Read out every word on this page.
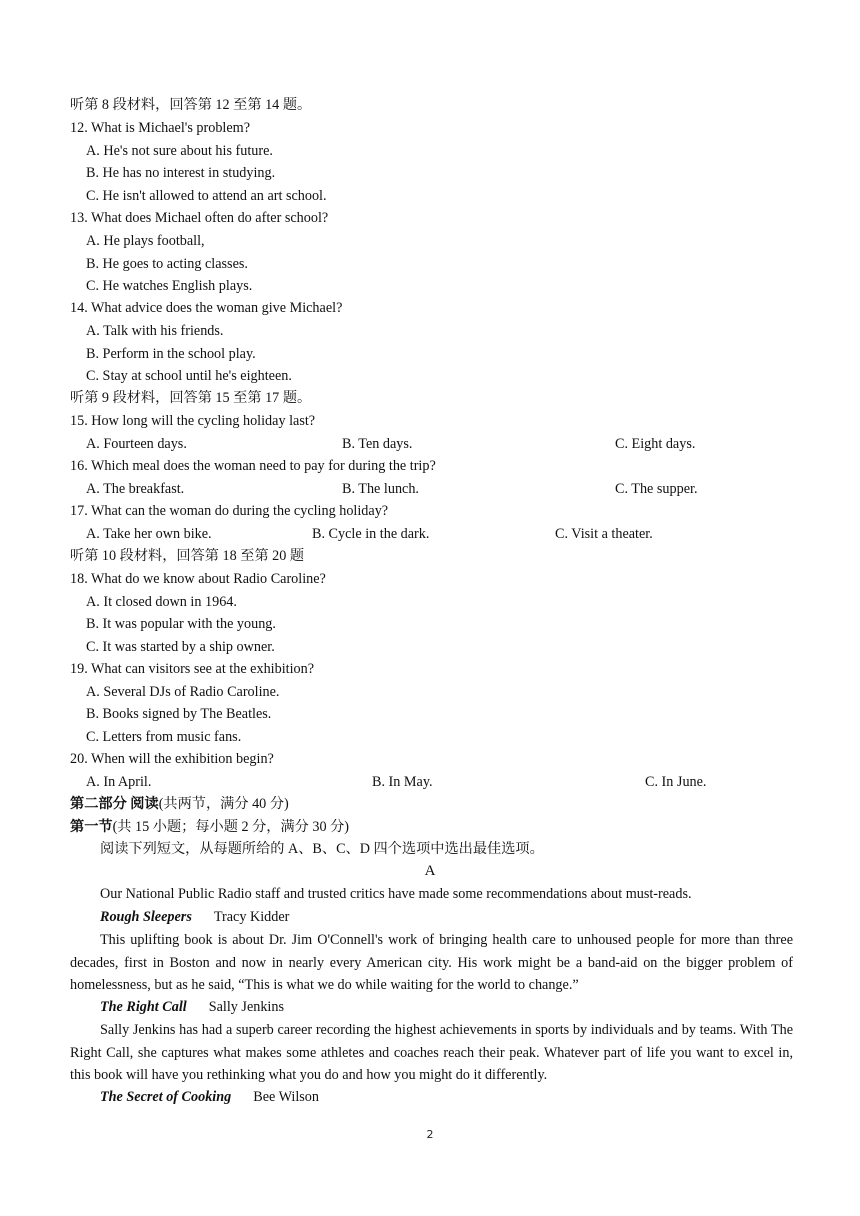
听第 8 段材料，回答第 12 至第 14 题。
12. What is Michael's problem?
A. He's not sure about his future.
B. He has no interest in studying.
C. He isn't allowed to attend an art school.
13. What does Michael often do after school?
A. He plays football,
B. He goes to acting classes.
C. He watches English plays.
14. What advice does the woman give Michael?
A. Talk with his friends.
B. Perform in the school play.
C. Stay at school until he's eighteen.
听第 9 段材料，回答第 15 至第 17 题。
15. How long will the cycling holiday last?
A. Fourteen days.	B. Ten days.	C. Eight days.
16. Which meal does the woman need to pay for during the trip?
A. The breakfast.	B. The lunch.	C. The supper.
17. What can the woman do during the cycling holiday?
A. Take her own bike.	B. Cycle in the dark.	C. Visit a theater.
听第 10 段材料，回答第 18 至第 20 题
18. What do we know about Radio Caroline?
A. It closed down in 1964.
B. It was popular with the young.
C. It was started by a ship owner.
19. What can visitors see at the exhibition?
A. Several DJs of Radio Caroline.
B. Books signed by The Beatles.
C. Letters from music fans.
20. When will the exhibition begin?
A. In April.	B. In May.	C. In June.
第二部分 阅读(共两节，满分 40 分)
第一节(共 15 小题；每小题 2 分，满分 30 分)
阅读下列短文，从每题所给的 A、B、C、D 四个选项中选出最佳选项。
A
Our National Public Radio staff and trusted critics have made some recommendations about must-reads.
Rough Sleepers Tracy Kidder
This uplifting book is about Dr. Jim O'Connell's work of bringing health care to unhoused people for more than three decades, first in Boston and now in nearly every American city. His work might be a band-aid on the bigger problem of homelessness, but as he said, “This is what we do while waiting for the world to change.”
The Right Call Sally Jenkins
Sally Jenkins has had a superb career recording the highest achievements in sports by individuals and by teams. With The Right Call, she captures what makes some athletes and coaches reach their peak. Whatever part of life you want to excel in, this book will have you rethinking what you do and how you might do it differently.
The Secret of Cooking Bee Wilson
2
